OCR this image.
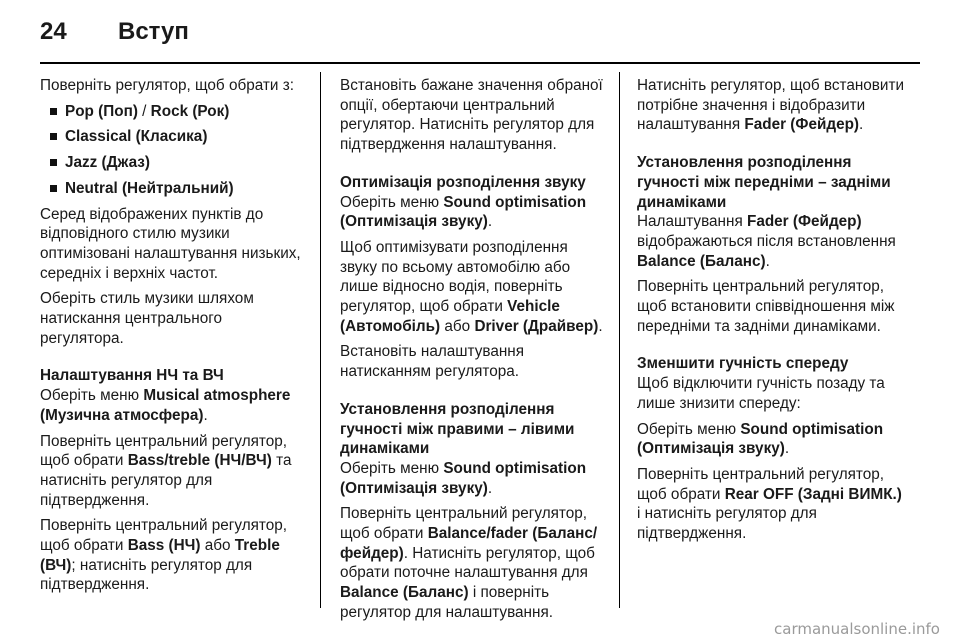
24	Вступ

Поверніть регулятор, щоб обрати з:

Pop (Поп) / Rock (Рок)
Classical (Класика)
Jazz (Джаз)
Neutral (Нейтральний)

Серед відображених пунктів до відповідного стилю музики оптимізовані налаштування низьких, середніх і верхніх частот.

Оберіть стиль музики шляхом натискання центрального регулятора.

Налаштування НЧ та ВЧ

Оберіть меню Musical atmosphere (Музична атмосфера).

Поверніть центральний регулятор, щоб обрати Bass/treble (НЧ/ВЧ) та натисніть регулятор для підтвердження.

Поверніть центральний регулятор, щоб обрати Bass (НЧ) або Treble (ВЧ); натисніть регулятор для підтвердження.

Встановіть бажане значення обраної опції, обертаючи центральний регулятор. Натисніть регулятор для підтвердження налаштування.

Оптимізація розподілення звуку

Оберіть меню Sound optimisation (Оптимізація звуку).

Щоб оптимізувати розподілення звуку по всьому автомобілю або лише відносно водія, поверніть регулятор, щоб обрати Vehicle (Автомобіль) або Driver (Драйвер).

Встановіть налаштування натисканням регулятора.

Установлення розподілення гучності між правими – лівими динаміками

Оберіть меню Sound optimisation (Оптимізація звуку).

Поверніть центральний регулятор, щоб обрати Balance/fader (Баланс/фейдер). Натисніть регулятор, щоб обрати поточне налаштування для Balance (Баланс) і поверніть регулятор для налаштування.

Натисніть регулятор, щоб встановити потрібне значення і відобразити налаштування Fader (Фейдер).

Установлення розподілення гучності між передніми – задніми динаміками

Налаштування Fader (Фейдер) відображаються після встановлення Balance (Баланс).

Поверніть центральний регулятор, щоб встановити співвідношення між передніми та задніми динаміками.

Зменшити гучність спереду

Щоб відключити гучність позаду та лише знизити спереду:

Оберіть меню Sound optimisation (Оптимізація звуку).

Поверніть центральний регулятор, щоб обрати Rear OFF (Задні ВИМК.) і натисніть регулятор для підтвердження.

carmanualsonline.info
